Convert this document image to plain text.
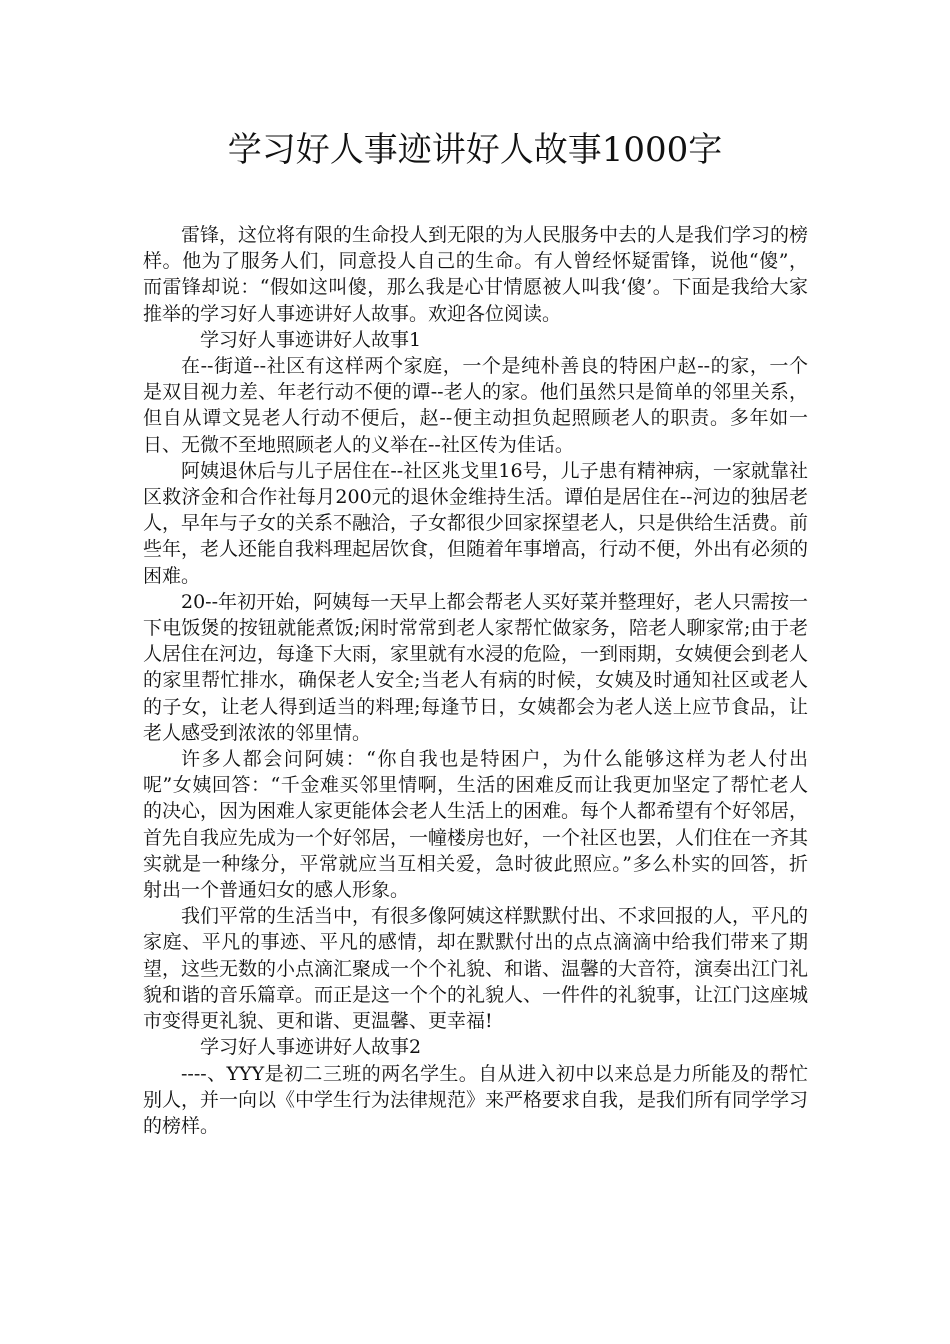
学习好人事迹讲好人故事1000字

雷锋，这位将有限的生命投人到无限的为人民服务中去的人是我们学习的榜样。他为了服务人们，同意投人自己的生命。有人曾经怀疑雷锋，说他“傻”，而雷锋却说：“假如这叫傻，那么我是心甘情愿被人叫我‘傻’。下面是我给大家推举的学习好人事迹讲好人故事。欢迎各位阅读。

学习好人事迹讲好人故事1

在--街道--社区有这样两个家庭，一个是纯朴善良的特困户赵--的家，一个是双目视力差、年老行动不便的谭--老人的家。他们虽然只是简单的邻里关系，但自从谭文晃老人行动不便后，赵--便主动担负起照顾老人的职责。多年如一日、无微不至地照顾老人的义举在--社区传为佳话。

阿姨退休后与儿子居住在--社区兆戈里16号，儿子患有精神病，一家就靠社区救济金和合作社每月200元的退休金维持生活。谭伯是居住在--河边的独居老人，早年与子女的关系不融洽，子女都很少回家探望老人，只是供给生活费。前些年，老人还能自我料理起居饮食，但随着年事增高，行动不便，外出有必须的困难。

20--年初开始，阿姨每一天早上都会帮老人买好菜并整理好，老人只需按一下电饭煲的按钮就能煮饭;闲时常常到老人家帮忙做家务，陪老人聊家常;由于老人居住在河边，每逢下大雨，家里就有水浸的危险，一到雨期，女姨便会到老人的家里帮忙排水，确保老人安全;当老人有病的时候，女姨及时通知社区或老人的子女，让老人得到适当的料理;每逢节日，女姨都会为老人送上应节食品，让老人感受到浓浓的邻里情。

许多人都会问阿姨：“你自我也是特困户，为什么能够这样为老人付出呢”女姨回答：“千金难买邻里情啊，生活的困难反而让我更加坚定了帮忙老人的决心，因为困难人家更能体会老人生活上的困难。每个人都希望有个好邻居，首先自我应先成为一个好邻居，一幢楼房也好，一个社区也罢，人们住在一齐其实就是一种缘分，平常就应当互相关爱，急时彼此照应。”多么朴实的回答，折射出一个普通妇女的感人形象。

我们平常的生活当中，有很多像阿姨这样默默付出、不求回报的人，平凡的家庭、平凡的事迹、平凡的感情，却在默默付出的点点滴滴中给我们带来了期望，这些无数的小点滴汇聚成一个个礼貌、和谐、温馨的大音符，演奏出江门礼貌和谐的音乐篇章。而正是这一个个的礼貌人、一件件的礼貌事，让江门这座城市变得更礼貌、更和谐、更温馨、更幸福!

学习好人事迹讲好人故事2

----、YYY是初二三班的两名学生。自从进入初中以来总是力所能及的帮忙别人，并一向以《中学生行为法律规范》来严格要求自我，是我们所有同学学习的榜样。
